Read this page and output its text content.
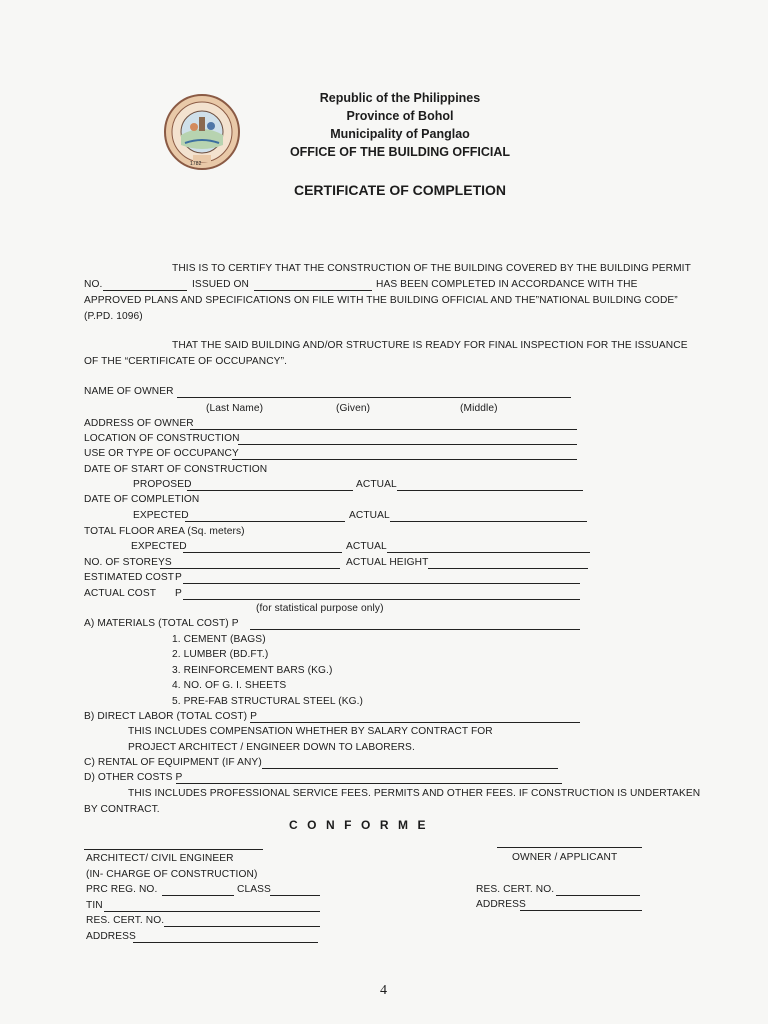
1782
Republic of the Philippines
Province of Bohol
Municipality of Panglao
OFFICE OF THE BUILDING OFFICIAL
CERTIFICATE OF COMPLETION
THIS IS TO CERTIFY THAT THE CONSTRUCTION OF THE BUILDING COVERED BY THE BUILDING PERMIT
NO.	ISSUED ON	HAS BEEN COMPLETED IN ACCORDANCE WITH THE
APPROVED PLANS AND SPECIFICATIONS ON FILE WITH THE BUILDING OFFICIAL AND THE”NATIONAL BUILDING CODE”
(P.PD. 1096)
THAT THE SAID BUILDING AND/OR STRUCTURE IS READY FOR FINAL INSPECTION FOR THE ISSUANCE
OF THE “CERTIFICATE OF OCCUPANCY”.
NAME OF OWNER
(Last Name)	(Given)	(Middle)
ADDRESS OF OWNER
LOCATION OF CONSTRUCTION
USE OR TYPE OF OCCUPANCY
DATE OF START OF CONSTRUCTION
PROPOSED	ACTUAL
DATE OF COMPLETION
EXPECTED	ACTUAL
TOTAL FLOOR AREA (Sq. meters)
EXPECTED	ACTUAL
NO. OF STOREYS	ACTUAL HEIGHT
ESTIMATED COST P
ACTUAL COST P
(for statistical purpose only)
A) MATERIALS (TOTAL COST) P
1. CEMENT (BAGS)
2. LUMBER (BD.FT.)
3. REINFORCEMENT BARS (KG.)
4. NO. OF G. I. SHEETS
5. PRE-FAB STRUCTURAL STEEL (KG.)
B) DIRECT LABOR (TOTAL COST) P
THIS INCLUDES COMPENSATION WHETHER BY SALARY CONTRACT FOR
PROJECT ARCHITECT / ENGINEER DOWN TO LABORERS.
C) RENTAL OF EQUIPMENT (IF ANY)
D) OTHER COSTS P
THIS INCLUDES PROFESSIONAL SERVICE FEES. PERMITS AND OTHER FEES. IF CONSTRUCTION IS UNDERTAKEN
BY CONTRACT.
CONFORME
ARCHITECT/ CIVIL ENGINEER
(IN- CHARGE OF CONSTRUCTION)
PRC REG. NO.	CLASS
TIN
RES. CERT. NO.
ADDRESS
OWNER / APPLICANT
RES. CERT. NO.
ADDRESS
4
